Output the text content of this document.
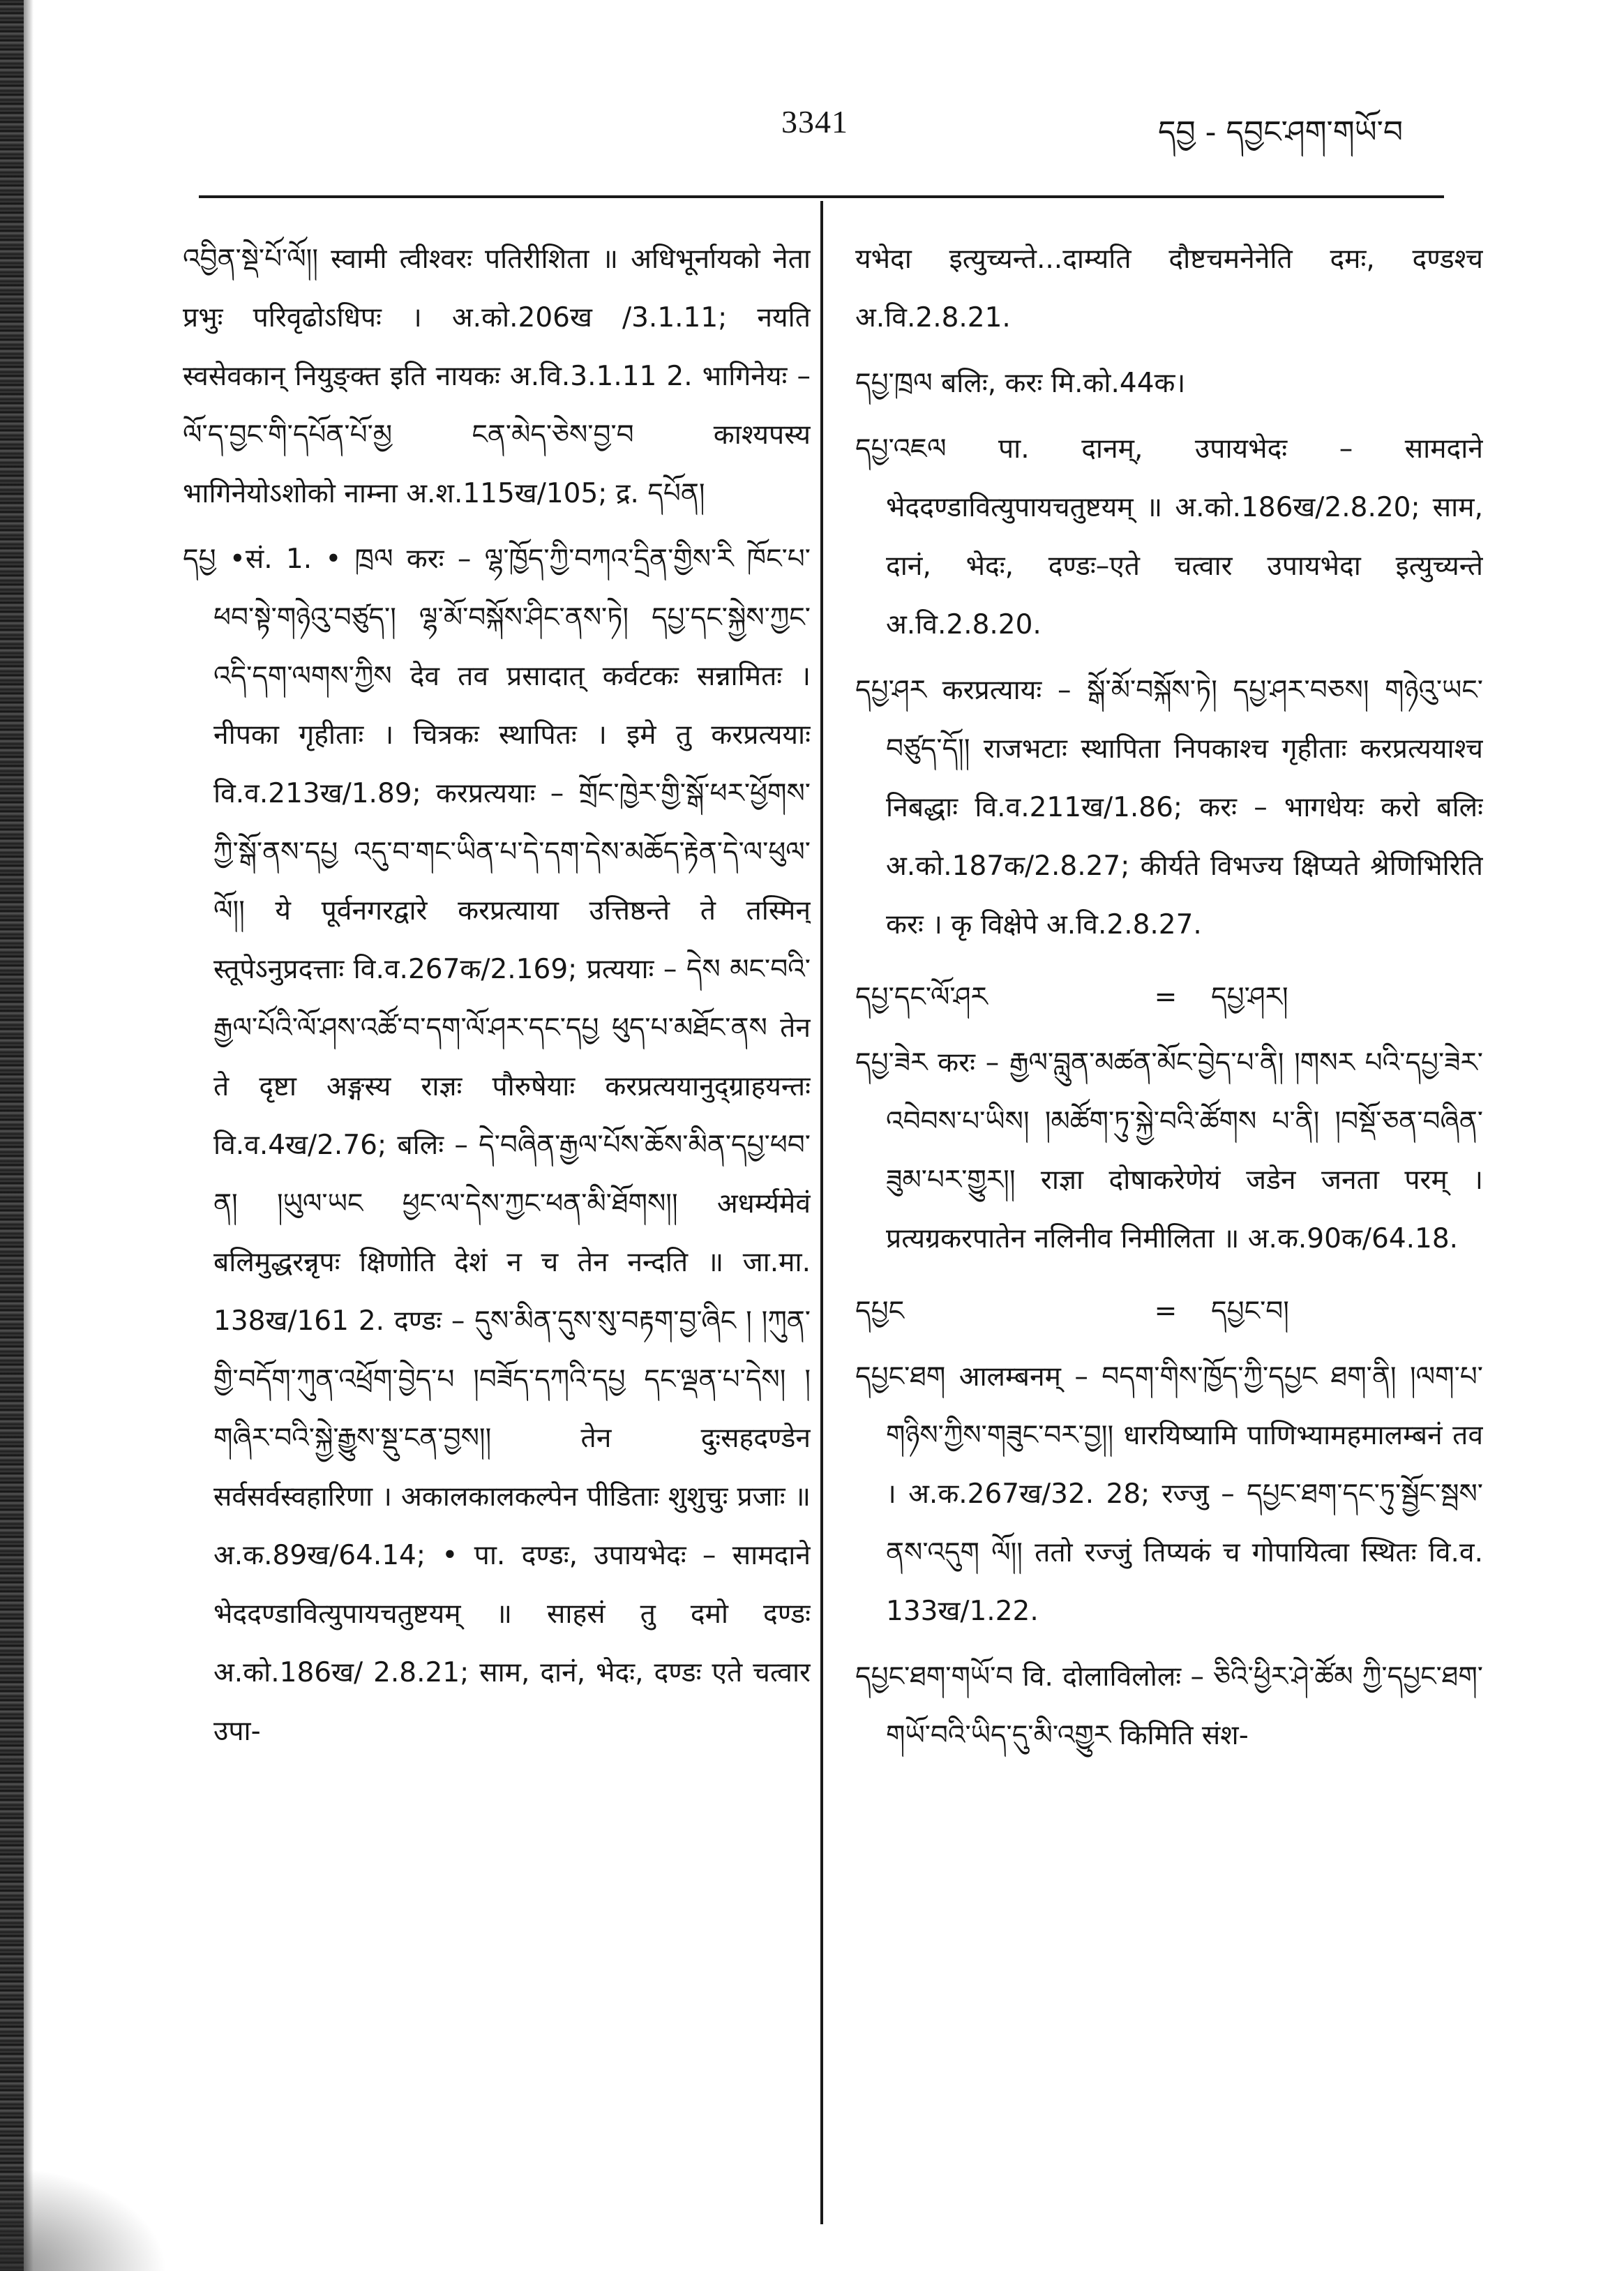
3341	དབྱ - དབྱང་ཤག་གཡོ་བ

འབྱིན་སྡེ་པོ་ལོ།། स्वामी त्वीश्वरः पतिरीशिता ॥ अधिभूर्नायको नेता प्रभुः परिवृढोऽधिपः । अ.को.206ख /3.1.11; नयति स्वसेवकान् नियुङ्क्त इति नायकः अ.वि.3.1.11 2. भागिनेयः – ལོ་ད་བྱང་གི་དཔོན་པོ་མྱ ངན་མེད་ཅེས་བྱ་བ काश्यपस्य भागिनेयोऽशोको नाम्ना अ.श.115ख/105; द्र. དཔོན།

དཔྱ •सं. 1. • ཁྲལ करः – ལྷ་ཁྱོད་ཀྱི་བཀའ་དྲིན་གྱིས་རི ཁོང་པ་ཕབ་སྟེ་གཉེའུ་བཙུད་། ལྷ་མོ་བསྐོས་ཤིང་ནས་ཏེ། དཔྱ་དང་སྐྱེས་ཀྱང་འདི་དག་ལགས་ཀྱིས देव तव प्रसादात् कर्वटकः सन्नामितः । नीपका गृहीताः । चित्रकः स्थापितः । इमे तु करप्रत्ययाः वि.व.213ख/1.89; करप्रत्ययाः – གྲོང་ཁྱེར་གྱི་སྒོ་ཕར་ཕྱོགས་ཀྱི་སྒོ་ནས་དཔྱ འདུ་བ་གང་ཡིན་པ་དེ་དག་དེས་མཆོད་རྟེན་དེ་ལ་ཕུལ་ལོ།། ये पूर्वनगरद्वारे करप्रत्याया उत्तिष्ठन्ते ते तस्मिन् स्तूपेऽनुप्रदत्ताः वि.व.267क/2.169; प्रत्ययाः – དེས མང་བའི་རྒྱལ་པོའི་ལོ་ཤས་འཚོ་བ་དག་ལོ་ཤར་དང་དཔྱ ཕུད་པ་མཐོང་ནས तेन ते दृष्टा अङ्गस्य राज्ञः पौरुषेयाः करप्रत्ययानुद्ग्राहयन्तः वि.व.4ख/2.76; बलिः – དེ་བཞིན་རྒྱལ་པོས་ཆོས་མིན་དཔྱ་ཕབ་ན། །ཡུལ་ཡང ཕྱང་ལ་དེས་ཀྱང་ཕན་མི་ཐོགས།། अधर्म्यमेवं बलिमुद्धरन्नृपः क्षिणोति देशं न च तेन नन्दति ॥ जा.मा. 138ख/161 2. दण्डः – དུས་མིན་དུས་སུ་བརྟག་བྱ་ཞིང ། །ཀུན་གྱི་བདོག་ཀུན་འཕྲོག་བྱེད་པ །བཟོད་དཀའི་དཔྱ དང་ལྡན་པ་དེས། །གཞིར་བའི་སྐྱེ་རྒྱུས་སྡུ་ངན་བྱས།། तेन दुःसहदण्डेन सर्वसर्वस्वहारिणा । अकालकालकल्पेन पीडिताः शुशुचुः प्रजाः ॥ अ.क.89ख/64.14; • पा. दण्डः, उपायभेदः – सामदाने भेददण्डावित्युपायचतुष्टयम् ॥ साहसं तु दमो दण्डः अ.को.186ख/ 2.8.21; साम, दानं, भेदः, दण्डः एते चत्वार उपा-

यभेदा इत्युच्यन्ते...दाम्यति दौष्टचमनेनेति दमः, दण्डश्च अ.वि.2.8.21.

དཔྱ་ཁྲལ बलिः, करः मि.को.44क।

དཔྱ་འཇལ पा. दानम्, उपायभेदः – सामदाने भेददण्डावित्युपायचतुष्टयम् ॥ अ.को.186ख/2.8.20; साम, दानं, भेदः, दण्डः–एते चत्वार उपायभेदा इत्युच्यन्ते अ.वि.2.8.20.

དཔྱ་ཤར करप्रत्यायः – སྒོ་མོ་བསྐོས་ཏེ། དཔྱ་ཤར་བཅས། གཉེའུ་ཡང་བཙུད་དོ།། राजभटाः स्थापिता निपकाश्च गृहीताः करप्रत्ययाश्च निबद्धाः वि.व.211ख/1.86; करः – भागधेयः करो बलिः अ.को.187क/2.8.27; कीर्यते विभज्य क्षिप्यते श्रेणिभिरिति करः । कृ विक्षेपे अ.वि.2.8.27.

དཔྱ་དང་ལོ་ཤར	=	དཔྱ་ཤར།

དཔྱ་ཟེར करः – རྒྱལ་བླུན་མཚན་མོང་བྱེད་པ་ནི། །གསར པའི་དཔྱ་ཟེར་འབེབས་པ་ཡིས། །མཚོག་ཏུ་སྐྱེ་བའི་ཚོགས པ་ནི། །བསྡོ་ཅན་བཞིན་ཟུམ་པར་གྱུར།། राज्ञा दोषाकरेणेयं जडेन जनता परम् । प्रत्यग्रकरपातेन नलिनीव निमीलिता ॥ अ.क.90क/64.18.

དཔྱང	=	དཔྱང་བ།

དཔྱང་ཐག आलम्बनम् – བདག་གིས་ཁྱོད་ཀྱི་དཔྱང ཐག་ནི། །ལག་པ་གཉིས་ཀྱིས་གཟུང་བར་བྱ།། धारयिष्यामि पाणिभ्यामहमालम्बनं तव । अ.क.267ख/32. 28; रज्जु – དཔྱང་ཐག་དང་ཏུ་སྦྱོང་སྦས་ནས་འདུག ལོ།། ततो रज्जुं तिप्यकं च गोपायित्वा स्थितः वि.व. 133ख/1.22.

དཔྱང་ཐག་གཡོ་བ वि. दोलाविलोलः – ཅིའི་ཕྱིར་ཤེ་ཚོམ ཀྱི་དཔྱང་ཐག་གཡོ་བའི་ཡིད་དུ་མི་འགྱུར किमिति संश-
